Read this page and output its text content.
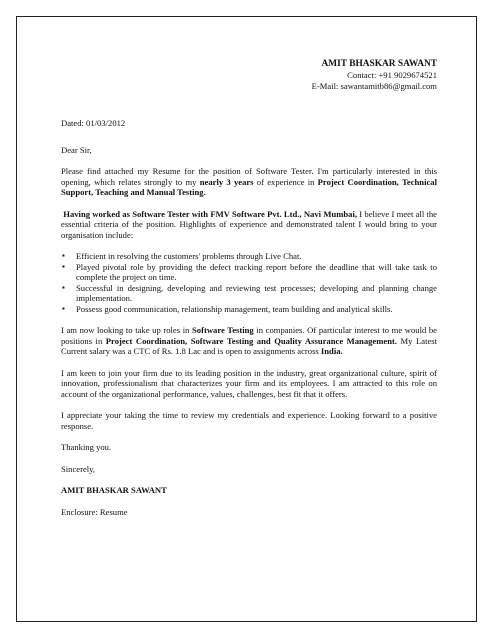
AMIT BHASKAR SAWANT
Contact: +91 9029674521
E-Mail: sawantamitb86@gmail.com

Dated: 01/03/2012

Dear Sir,

Please find attached my Resume for the position of Software Tester. I'm particularly interested in this opening, which relates strongly to my nearly 3 years of experience in Project Coordination, Technical Support, Teaching and Manual Testing.

Having worked as Software Tester with FMV Software Pvt. Ltd., Navi Mumbai, I believe I meet all the essential criteria of the position. Highlights of experience and demonstrated talent I would bring to your organisation include:

▪ Efficient in resolving the customers' problems through Live Chat.
▪ Played pivotal role by providing the defect tracking report before the deadline that will take task to complete the project on time.
▪ Successful in designing, developing and reviewing test processes; developing and planning change implementation.
▪ Possess good communication, relationship management, team building and analytical skills.

I am now looking to take up roles in Software Testing in companies. Of particular interest to me would be positions in Project Coordination, Software Testing and Quality Assurance Management. My Latest Current salary was a CTC of Rs. 1.8 Lac and is open to assignments across India.

I am keen to join your firm due to its leading position in the industry, great organizational culture, spirit of innovation, professionalism that characterizes your firm and its employees. I am attracted to this role on account of the organizational performance, values, challenges, best fit that it offers.

I appreciate your taking the time to review my credentials and experience. Looking forward to a positive response.

Thanking you.

Sincerely,

AMIT BHASKAR SAWANT

Enclosure: Resume
